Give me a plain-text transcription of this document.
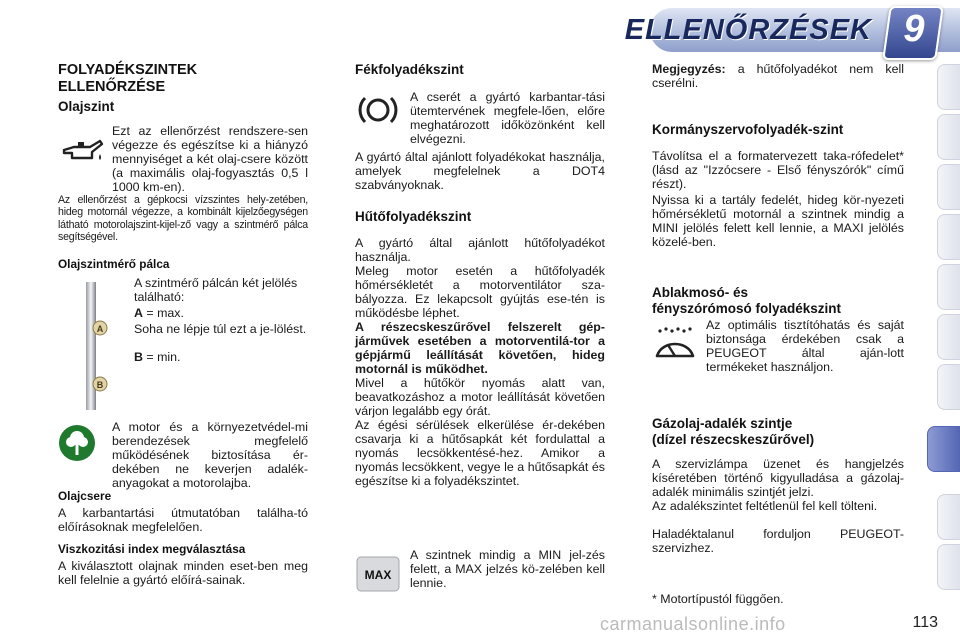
ELLENŐRZÉSEK 9
FOLYADÉKSZINTEK
ELLENŐRZÉSE
Olajszint

Ezt az ellenőrzést rendszere-sen végezze és egészítse ki a hiányzó mennyiséget a két olaj-csere között (a maximális olaj-fogyasztás 0,5 l 1000 km-en).

Az ellenőrzést a gépkocsi vízszintes hely-zetében, hideg motornál végezze, a kombinált kijelzőegységen látható motorolajszint-kijel-ző vagy a szintmérő pálca segítségével.

Olajszintmérő pálca
A
B

A szintmérő pálcán két jelölés található:

A = max.

Soha ne lépje túl ezt a je-lölést.

B = min.

A motor és a környezetvédel-mi berendezések megfelelő működésének biztosítása ér-dekében ne keverjen adalék-anyagokat a motorolajba.

Olajcsere

A karbantartási útmutatóban találha-tó előírásoknak megfelelően.

Viszkozitási index megválasztása

A kiválasztott olajnak minden eset-ben meg kell felelnie a gyártó előírá-sainak.

Fékfolyadékszint

A cserét a gyártó karbantar-tási ütemtervének megfele-lően, előre meghatározott időközönként kell elvégezni.

A gyártó által ajánlott folyadékokat használja, amelyek megfelelnek a DOT4 szabványoknak.

Hűtőfolyadékszint

A gyártó által ajánlott hűtőfolyadékot használja.

Meleg motor esetén a hűtőfolyadék hőmérsékletét a motorventilátor sza-bályozza. Ez lekapcsolt gyújtás ese-tén is működésbe léphet.

A részecskeszűrővel felszerelt gép-járművek esetében a motorventilá-tor a gépjármű leállítását követően, hideg motornál is működhet.

Mivel a hűtőkör nyomás alatt van, beavatkozáshoz a motor leállítását követően várjon legalább egy órát.

Az égési sérülések elkerülése ér-dekében csavarja ki a hűtősapkát két fordulattal a nyomás lecsökkentésé-hez. Amikor a nyomás lecsökkent, vegye le a hűtősapkát és egészítse ki a folyadékszintet.

MAX

A szintnek mindig a MIN jel-zés felett, a MAX jelzés kö-zelében kell lennie.

Megjegyzés: a hűtőfolyadékot nem kell cserélni.

Kormányszervofolyadék-szint

Távolítsa el a formatervezett taka-rófedelet* (lásd az "Izzócsere - Első fényszórók" című részt).

Nyissa ki a tartály fedelét, hideg kör-nyezeti hőmérsékletű motornál a szintnek mindig a MINI jelölés felett kell lennie, a MAXI jelölés közelé-ben.

Ablakmosó- és
fényszórómosó folyadékszint

Az optimális tisztítóhatás és saját biztonsága érdekében csak a PEUGEOT által aján-lott termékeket használjon.

Gázolaj-adalék szintje
(dízel részecskeszűrővel)

A szervizlámpa üzenet és hangjelzés kíséretében történő kigyulladása a gázolaj-adalék minimális szintjét jelzi.

Az adalékszintet feltétlenül fel kell tölteni.

Haladéktalanul forduljon PEUGEOT-szervizhez.

* Motortípustól függően.

113
carmanualsonline.info
